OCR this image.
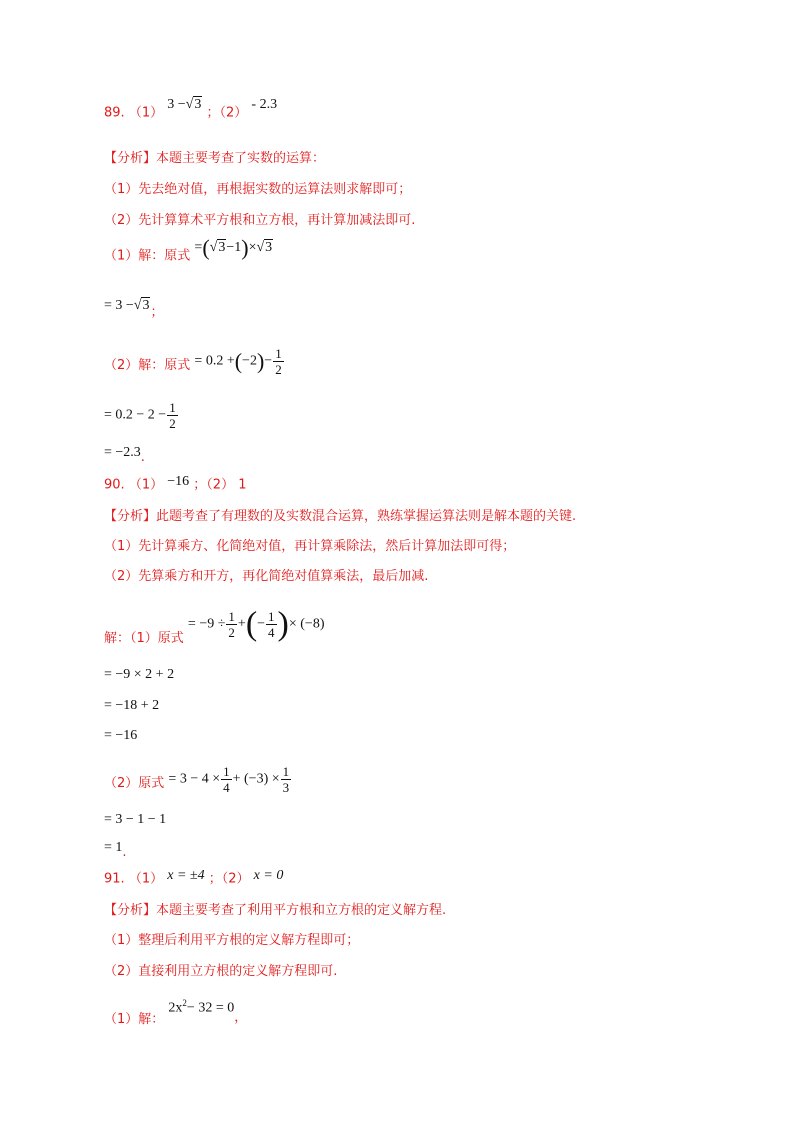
89. （1） 3 −√3 ；（2） - 2.3
【分析】本题主要考查了实数的运算：
（1）先去绝对值，再根据实数的运算法则求解即可；
（2）先计算算术平方根和立方根，再计算加减法即可.
（1）解：原式 =(√3−1)×√3
= 3 −√3；
（2）解：原式 = $0.2 +(-2)- \frac{1}{2}$
= $0.2 - 2 - \frac{1}{2}$
= −2.3.
90. （1） −16 ；（2） 1
【分析】此题考查了有理数的及实数混合运算，熟练掌握运算法则是解本题的关键.
（1）先计算乘方、化简绝对值，再计算乘除法，然后计算加法即可得；
（2）先算乘方和开方，再化简绝对值算乘法，最后加减.
解：（1）原式 = $-9 \div \frac{1}{2}$ +(− $\frac{1}{4}$ )× (−8)
= −9 × 2 + 2
= −18 + 2
= −16
（2）原式 = $3 - 4 \times \frac{1}{4} + (-3) \times \frac{1}{3}$
= 3 − 1 − 1
= 1.
91. （1） x = ±4 ；（2） x = 0
【分析】本题主要考查了利用平方根和立方根的定义解方程.
（1）整理后利用平方根的定义解方程即可；
（2）直接利用立方根的定义解方程即可.
（1）解： $2x^2- 32 = 0$，
